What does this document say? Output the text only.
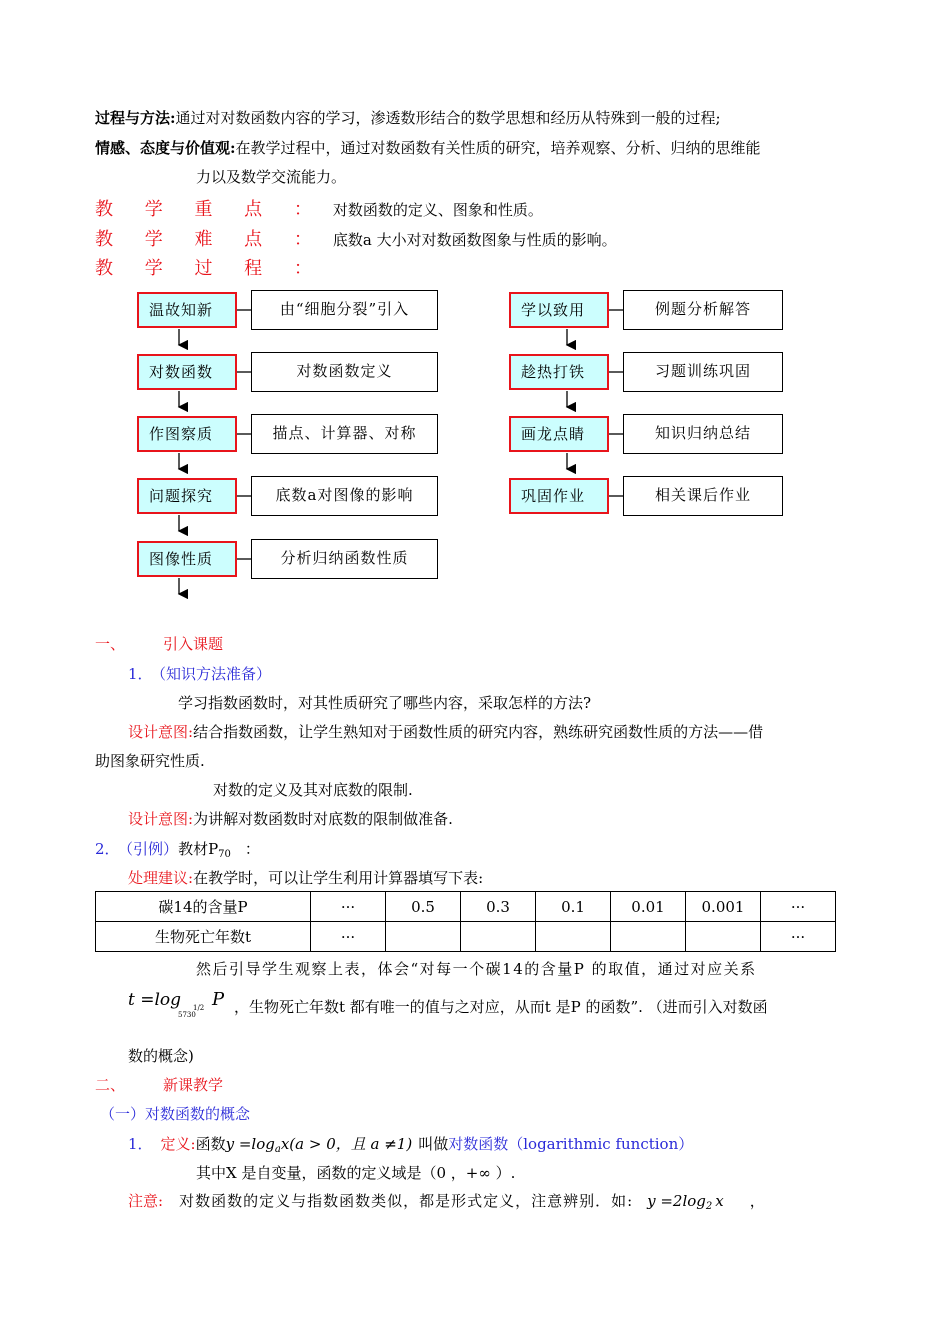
过程与方法:通过对对数函数内容的学习，渗透数形结合的数学思想和经历从特殊到一般的过程;
情感、态度与价值观:在教学过程中，通过对数函数有关性质的研究，培养观察、分析、归纳的思维能
力以及数学交流能力。
教 学 重 点 ： 对数函数的定义、图象和性质。
教 学 难 点 ： 底数a 大小对对数函数图象与性质的影响。
教 学 过 程 ：
温故知新	由“细胞分裂”引入
对数函数	对数函数定义
作图察质	描点、计算器、对称
问题探究	底数a对图像的影响
图像性质	分析归纳函数性质
学以致用	例题分析解答
趁热打铁	习题训练巩固
画龙点睛	知识归纳总结
巩固作业	相关课后作业
一、	引入课题
1． （知识方法准备）
学习指数函数时，对其性质研究了哪些内容，采取怎样的方法?
设计意图:结合指数函数，让学生熟知对于函数性质的研究内容，熟练研究函数性质的方法——借
助图象研究性质.
对数的定义及其对底数的限制.
设计意图:为讲解对数函数时对底数的限制做准备.
2． （引例）教材$P_{70}$ ：
处理建议:在教学时，可以让学生利用计算器填写下表:
碳14的含量P	···	0.5	0.3	0.1	0.01	0.001	···
生物死亡年数t	···						···
然后引导学生观察上表，体会“对每一个碳14的含量P 的取值，通过对应关系
t =log
5730
1/2 P ，生物死亡年数t 都有唯一的值与之对应，从而t 是P 的函数”. （进而引入对数函
数的概念)
二、	新课教学
（一）对数函数的概念
1． 定义:函数$y =\log_ax(a > 0$，且 a ≠1) 叫做对数函数（logarithmic function）
其中X 是自变量，函数的定义域是（0 ，+∞ ）.
注意: 对数函数的定义与指数函数类似，都是形式定义，注意辨别．如: $y =2\log_2$ x ，
